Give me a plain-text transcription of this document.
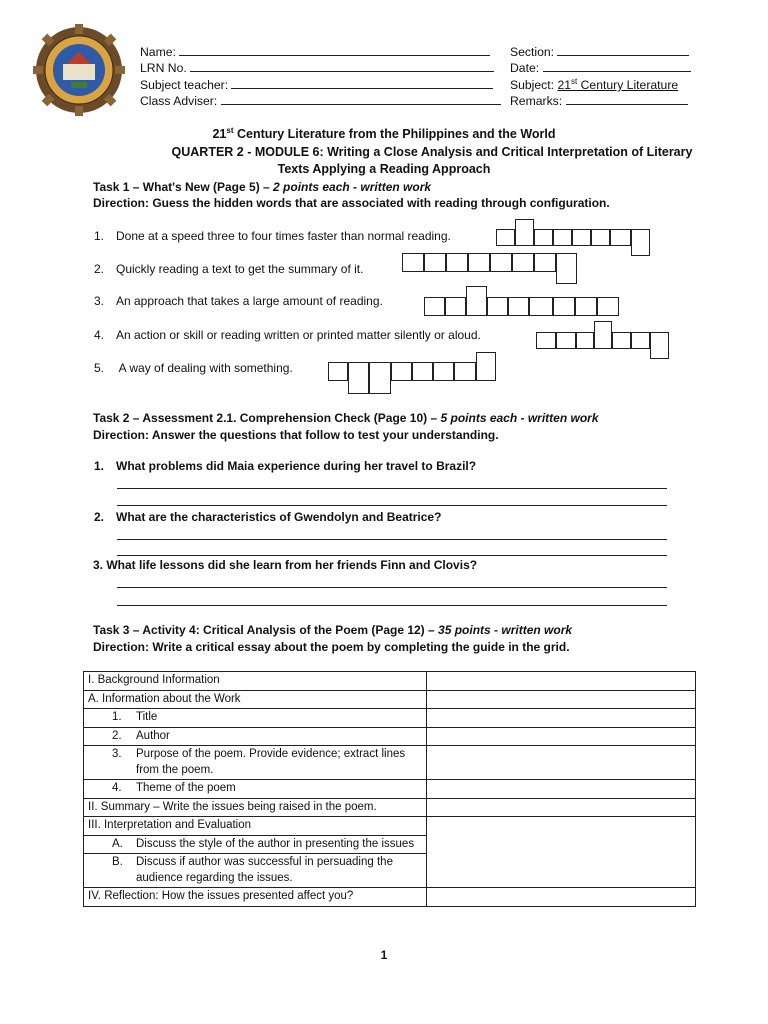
Name:
LRN No.
Subject teacher:
Class Adviser:
Section:
Date:
Subject: 21st Century Literature
Remarks:
21st Century Literature from the Philippines and the World
QUARTER 2 - MODULE 6: Writing a Close Analysis and Critical Interpretation of Literary
Texts Applying a Reading Approach
Task 1 – What's New (Page 5) – 2 points each - written work
Direction: Guess the hidden words that are associated with reading through configuration.
1. Done at a speed three to four times faster than normal reading.
2. Quickly reading a text to get the summary of it.
3. An approach that takes a large amount of reading.
4. An action or skill or reading written or printed matter silently or aloud.
5. A way of dealing with something.
Task 2 – Assessment 2.1. Comprehension Check (Page 10) – 5 points each - written work
Direction: Answer the questions that follow to test your understanding.
1. What problems did Maia experience during her travel to Brazil?
2. What are the characteristics of Gwendolyn and Beatrice?
3. What life lessons did she learn from her friends Finn and Clovis?
Task 3 – Activity 4: Critical Analysis of the Poem (Page 12) – 35 points - written work
Direction: Write a critical essay about the poem by completing the guide in the grid.
I. Background Information	
A. Information about the Work	
1. Title	
2. Author	

3. Purpose of the poem. Provide evidence; extract lines from the poem.	

4. Theme of the poem	
II. Summary – Write the issues being raised in the poem.	
III. Interpretation and Evaluation	

A. Discuss the style of the author in presenting the issues	

B. Discuss if author was successful in persuading the audience regarding the issues.	

IV. Reflection: How the issues presented affect you?	
1
